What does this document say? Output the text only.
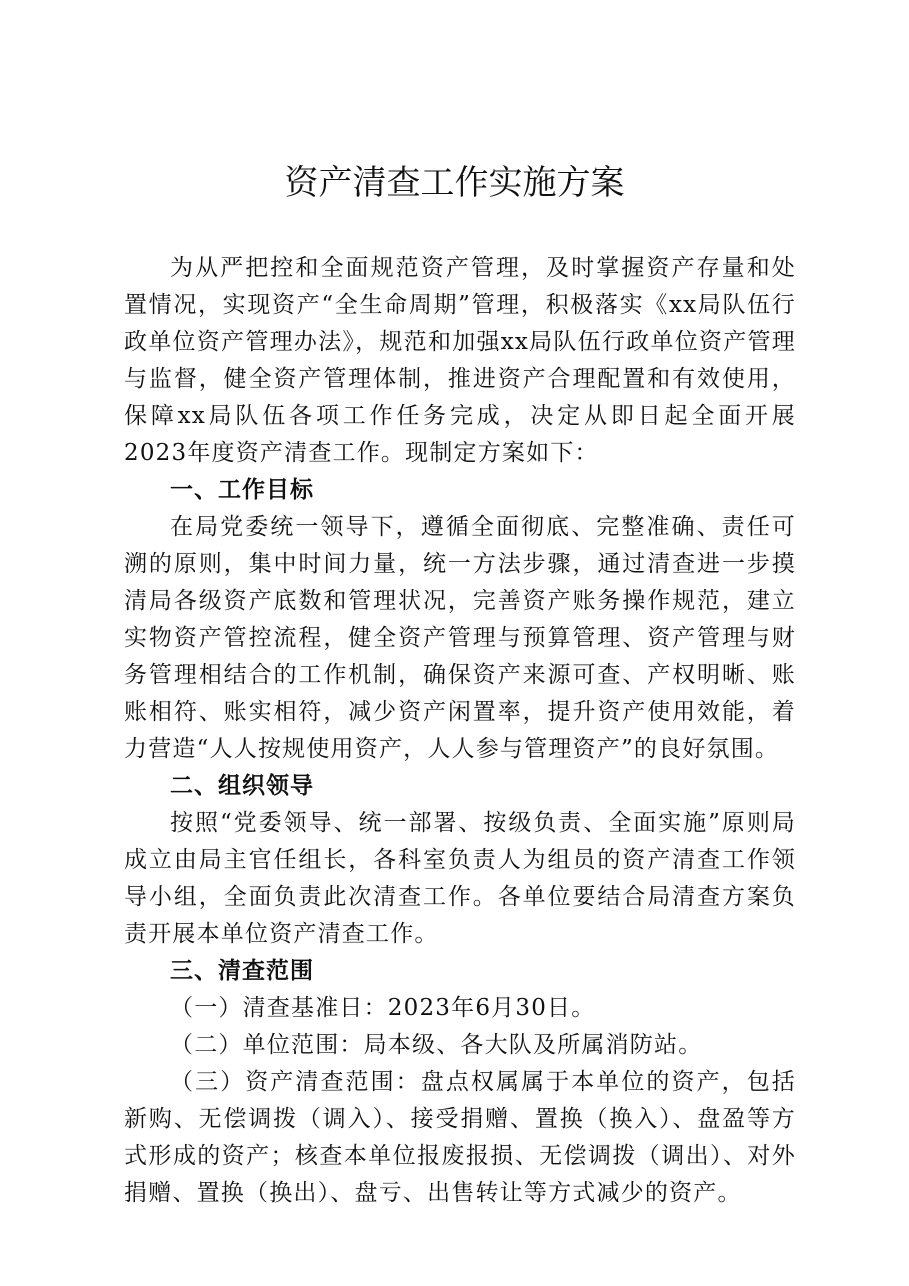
资产清查工作实施方案

为从严把控和全面规范资产管理，及时掌握资产存量和处置情况，实现资产“全生命周期”管理，积极落实《xx局队伍行政单位资产管理办法》，规范和加强xx局队伍行政单位资产管理与监督，健全资产管理体制，推进资产合理配置和有效使用，保障xx局队伍各项工作任务完成，决定从即日起全面开展2023年度资产清查工作。现制定方案如下：

一、工作目标

在局党委统一领导下，遵循全面彻底、完整准确、责任可溯的原则，集中时间力量，统一方法步骤，通过清查进一步摸清局各级资产底数和管理状况，完善资产账务操作规范，建立实物资产管控流程，健全资产管理与预算管理、资产管理与财务管理相结合的工作机制，确保资产来源可查、产权明晰、账账相符、账实相符，减少资产闲置率，提升资产使用效能，着力营造“人人按规使用资产，人人参与管理资产”的良好氛围。

二、组织领导

按照“党委领导、统一部署、按级负责、全面实施”原则局成立由局主官任组长，各科室负责人为组员的资产清查工作领导小组，全面负责此次清查工作。各单位要结合局清查方案负责开展本单位资产清查工作。

三、清查范围

（一）清查基准日：2023年6月30日。

（二）单位范围：局本级、各大队及所属消防站。

（三）资产清查范围：盘点权属属于本单位的资产，包括新购、无偿调拨（调入）、接受捐赠、置换（换入）、盘盈等方式形成的资产；核查本单位报废报损、无偿调拨（调出）、对外捐赠、置换（换出）、盘亏、出售转让等方式减少的资产。
